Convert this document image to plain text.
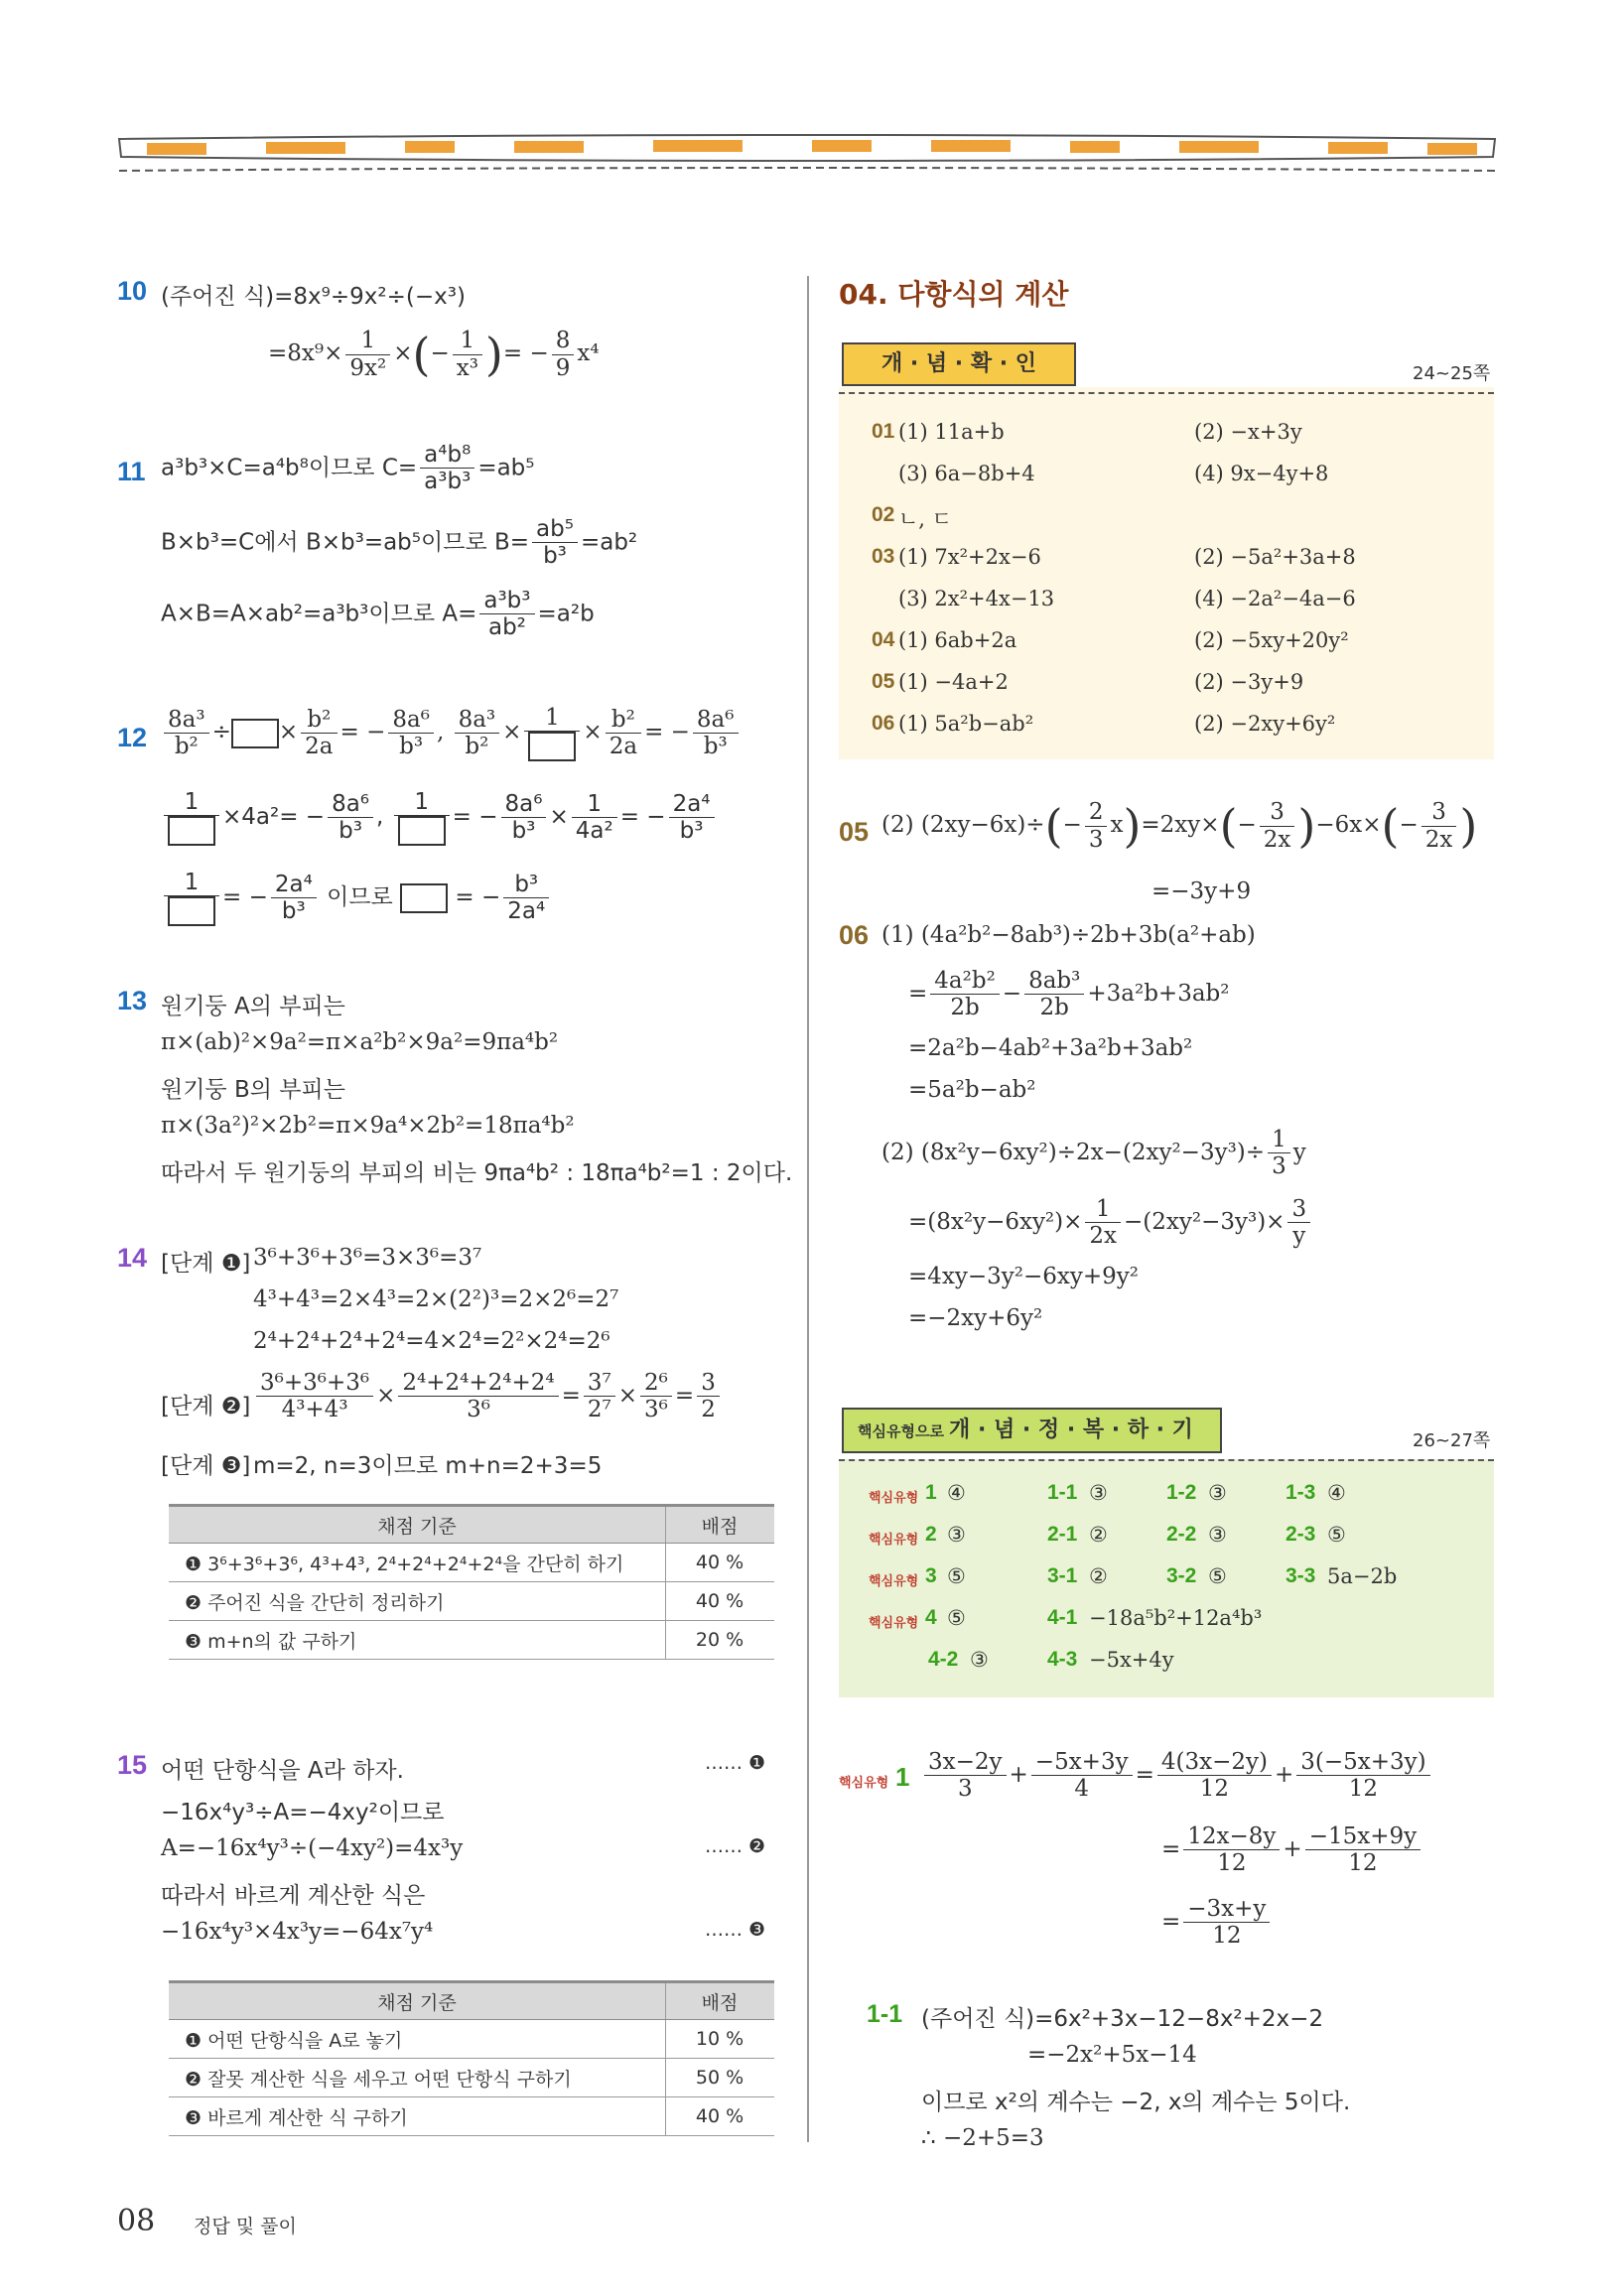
10 (주어진 식)=8x⁹÷9x²÷(−x³)
$=8x^9\times \frac{1}{\text{9x²}}$ ×(− $\frac{1}{\text{x³}}$ )= − $\frac{8}{9} x^4$
11 a³b³×C=a⁴b⁸이므로 $C= \frac{\text{a⁴b⁸}}{\text{a³b³}} =ab^5$
B×b³=C에서 B×b³=ab⁵이므로 $B= \frac{\text{ab⁵}}{\text{b³}} =ab^2$
A×B=A×ab²=a³b³이므로 $A= \frac{\text{a³b³}}{\text{ab²}} =a^2b$
$12 \frac{\text{8a³}}{\text{b²}}$ ÷ × $\frac{\text{b²}}{2a}$ = − $\frac{\text{8a⁶}}{\text{b³}}$ , $\frac{\text{8a³}}{\text{b²}}$ ×
1
× $\frac{\text{b²}}{2a}$ = − $\frac{\text{8a⁶}}{\text{b³}}$
1
$\times 4a^2= - \frac{\text{8a⁶}}{\text{b³}}$ ,
1
= − $\frac{\text{8a⁶}}{\text{b³}} \times \frac{1}{\text{4a²}}$ = − $\frac{\text{2a⁴}}{\text{b³}}$
1
= − $\frac{\text{2a⁴}}{\text{b³}}$ 이므로  = − $\frac{\text{b³}}{\text{2a⁴}}$
13 원기둥 A의 부피는
π×(ab)²×9a²=π×a²b²×9a²=9πa⁴b²
원기둥 B의 부피는
π×(3a²)²×2b²=π×9a⁴×2b²=18πa⁴b²
따라서 두 원기둥의 부피의 비는 9πa⁴b² : 18πa⁴b²=1 : 2이다.
14 [단계 ❶] 3⁶+3⁶+3⁶=3×3⁶=3⁷
4³+4³=2×4³=2×(2²)³=2×2⁶=2⁷
2⁴+2⁴+2⁴+2⁴=4×2⁴=2²×2⁴=2⁶
[단계 ❷] $\frac{\text{3⁶+3⁶+3⁶}}{\text{4³+4³}} \times \frac{\text{2⁴+2⁴+2⁴+2⁴}}{\text{3⁶}} = \frac{\text{3⁷}}{\text{2⁷}} \times \frac{\text{2⁶}}{\text{3⁶}} = \frac{3}{2}$
[단계 ❸] m=2, n=3이므로 m+n=2+3=5
채점 기준	배점
❶ 3⁶+3⁶+3⁶, 4³+4³, 2⁴+2⁴+2⁴+2⁴을 간단히 하기	40 %
❷ 주어진 식을 간단히 정리하기	40 %
❸ m+n의 값 구하기	20 %
15 어떤 단항식을 A라 하자.	…… ❶
−16x⁴y³÷A=−4xy²이므로
A=−16x⁴y³÷(−4xy²)=4x³y	…… ❷
따라서 바르게 계산한 식은
−16x⁴y³×4x³y=−64x⁷y⁴	…… ❸
채점 기준	배점
❶ 어떤 단항식을 A로 놓기	10 %
❷ 잘못 계산한 식을 세우고 어떤 단항식 구하기	50 %
❸ 바르게 계산한 식 구하기	40 %
08 정답 및 풀이
04. 다항식의 계산
개 · 념 · 확 · 인	24~25쪽
01 (1) 11a+b	(2) −x+3y
(3) 6a−8b+4	(4) 9x−4y+8
02 ㄴ, ㄷ
03 (1) 7x²+2x−6	(2) −5a²+3a+8
(3) 2x²+4x−13	(4) −2a²−4a−6
04 (1) 6ab+2a	(2) −5xy+20y²
05 (1) −4a+2	(2) −3y+9
06 (1) 5a²b−ab²	(2) −2xy+6y²
05 (2) $(2xy-6x)\div(- \frac{2}{3} x)=2xy\times(- \frac{3}{2x} )-6x\times(- \frac{3}{2x}$ )
=−3y+9
06 (1) (4a²b²−8ab³)÷2b+3b(a²+ab)
= $\frac{\text{4a²b²}}{2b} - \frac{\text{8ab³}}{2b} +3a^2b+3ab^2$
=2a²b−4ab²+3a²b+3ab²
=5a²b−ab²
(2) $(8x^2y-6xy^2)\div 2x-(2xy^2-3y^3)\div \frac{1}{3}$ y
$=(8x^2y-6xy^2)\times \frac{1}{2x} -(2xy^2-3y^3)\times \frac{3}{y}$
=4xy−3y²−6xy+9y²
=−2xy+6y²
핵심유형으로 개 · 념 · 정 · 복 · 하 · 기	26~27쪽
핵심유형 1 ④	1-1 ③	1-2 ③	1-3 ④
핵심유형 2 ③	2-1 ②	2-2 ③	2-3 ⑤
핵심유형 3 ⑤	3-1 ②	3-2 ⑤	3-3 5a−2b
핵심유형 4 ⑤	4-1 −18a⁵b²+12a⁴b³
4-2 ③	4-3 −5x+4y
핵심유형 $1 \frac{3x-2y}{3} + \frac{-5x+3y}{4} = \frac{4(3x-2y)}{12} + \frac{3(-5x+3y)}{12}$
= $\frac{12x-8y}{12} + \frac{-15x+9y}{12}$
= $\frac{-3x+y}{12}$
1-1 (주어진 식)=6x²+3x−12−8x²+2x−2
=−2x²+5x−14
이므로 x²의 계수는 −2, x의 계수는 5이다.
∴ −2+5=3
